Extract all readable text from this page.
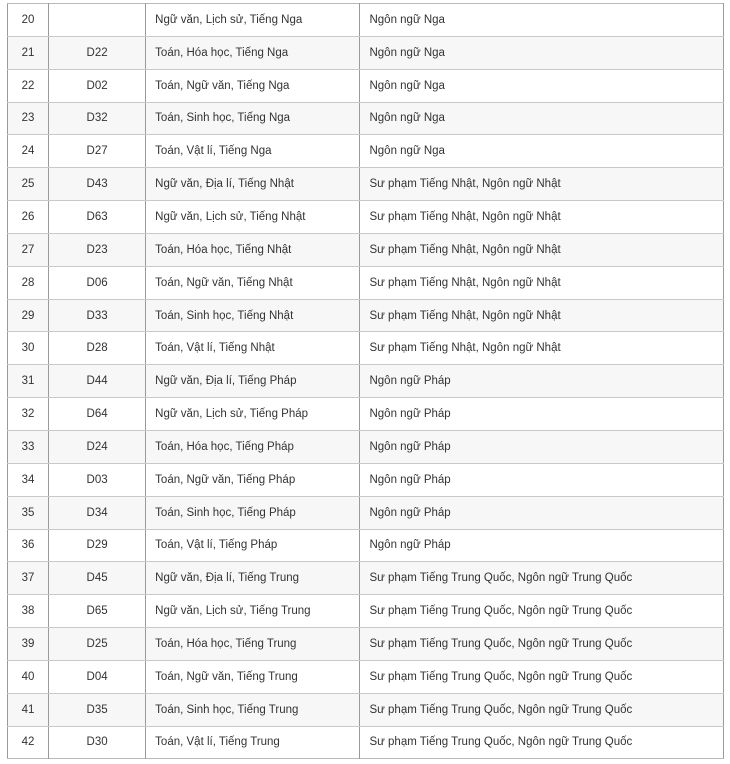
20		Ngữ văn, Lịch sử, Tiếng Nga	Ngôn ngữ Nga
21	D22	Toán, Hóa học, Tiếng Nga	Ngôn ngữ Nga
22	D02	Toán, Ngữ văn, Tiếng Nga	Ngôn ngữ Nga
23	D32	Toán, Sinh học, Tiếng Nga	Ngôn ngữ Nga
24	D27	Toán, Vật lí, Tiếng Nga	Ngôn ngữ Nga
25	D43	Ngữ văn, Địa lí, Tiếng Nhật	Sư phạm Tiếng Nhật, Ngôn ngữ Nhật
26	D63	Ngữ văn, Lịch sử, Tiếng Nhật	Sư phạm Tiếng Nhật, Ngôn ngữ Nhật
27	D23	Toán, Hóa học, Tiếng Nhật	Sư phạm Tiếng Nhật, Ngôn ngữ Nhật
28	D06	Toán, Ngữ văn, Tiếng Nhật	Sư phạm Tiếng Nhật, Ngôn ngữ Nhật
29	D33	Toán, Sinh học, Tiếng Nhật	Sư phạm Tiếng Nhật, Ngôn ngữ Nhật
30	D28	Toán, Vật lí, Tiếng Nhật	Sư phạm Tiếng Nhật, Ngôn ngữ Nhật
31	D44	Ngữ văn, Địa lí, Tiếng Pháp	Ngôn ngữ Pháp
32	D64	Ngữ văn, Lịch sử, Tiếng Pháp	Ngôn ngữ Pháp
33	D24	Toán, Hóa học, Tiếng Pháp	Ngôn ngữ Pháp
34	D03	Toán, Ngữ văn, Tiếng Pháp	Ngôn ngữ Pháp
35	D34	Toán, Sinh học, Tiếng Pháp	Ngôn ngữ Pháp
36	D29	Toán, Vật lí, Tiếng Pháp	Ngôn ngữ Pháp
37	D45	Ngữ văn, Địa lí, Tiếng Trung	Sư phạm Tiếng Trung Quốc, Ngôn ngữ Trung Quốc
38	D65	Ngữ văn, Lịch sử, Tiếng Trung	Sư phạm Tiếng Trung Quốc, Ngôn ngữ Trung Quốc
39	D25	Toán, Hóa học, Tiếng Trung	Sư phạm Tiếng Trung Quốc, Ngôn ngữ Trung Quốc
40	D04	Toán, Ngữ văn, Tiếng Trung	Sư phạm Tiếng Trung Quốc, Ngôn ngữ Trung Quốc
41	D35	Toán, Sinh học, Tiếng Trung	Sư phạm Tiếng Trung Quốc, Ngôn ngữ Trung Quốc
42	D30	Toán, Vật lí, Tiếng Trung	Sư phạm Tiếng Trung Quốc, Ngôn ngữ Trung Quốc
